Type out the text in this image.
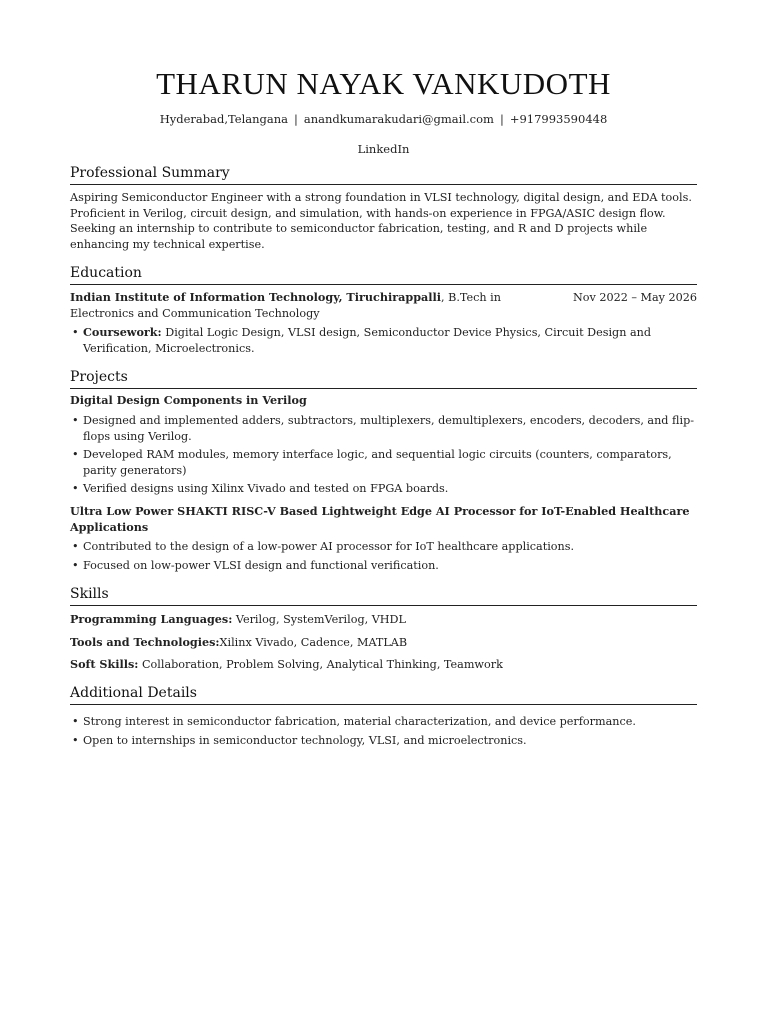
THARUN NAYAK VANKUDOTH
Hyderabad,Telangana | anandkumarakudari@gmail.com | +917993590448
LinkedIn
Professional Summary
Aspiring Semiconductor Engineer with a strong foundation in VLSI technology, digital design, and EDA tools. Proficient in Verilog, circuit design, and simulation, with hands-on experience in FPGA/ASIC design flow. Seeking an internship to contribute to semiconductor fabrication, testing, and R and D projects while enhancing my technical expertise.
Education
Indian Institute of Information Technology, Tiruchirappalli, B.Tech in Electronics and Communication Technology
Nov 2022 – May 2026
• Coursework: Digital Logic Design, VLSI design, Semiconductor Device Physics, Circuit Design and Verification, Microelectronics.
Projects
Digital Design Components in Verilog
• Designed and implemented adders, subtractors, multiplexers, demultiplexers, encoders, decoders, and flip-flops using Verilog.
• Developed RAM modules, memory interface logic, and sequential logic circuits (counters, comparators, parity generators)
• Verified designs using Xilinx Vivado and tested on FPGA boards.
Ultra Low Power SHAKTI RISC-V Based Lightweight Edge AI Processor for IoT-Enabled Healthcare Applications
• Contributed to the design of a low-power AI processor for IoT healthcare applications.
• Focused on low-power VLSI design and functional verification.
Skills
Programming Languages: Verilog, SystemVerilog, VHDL
Tools and Technologies:Xilinx Vivado, Cadence, MATLAB
Soft Skills: Collaboration, Problem Solving, Analytical Thinking, Teamwork
Additional Details
• Strong interest in semiconductor fabrication, material characterization, and device performance.
• Open to internships in semiconductor technology, VLSI, and microelectronics.
